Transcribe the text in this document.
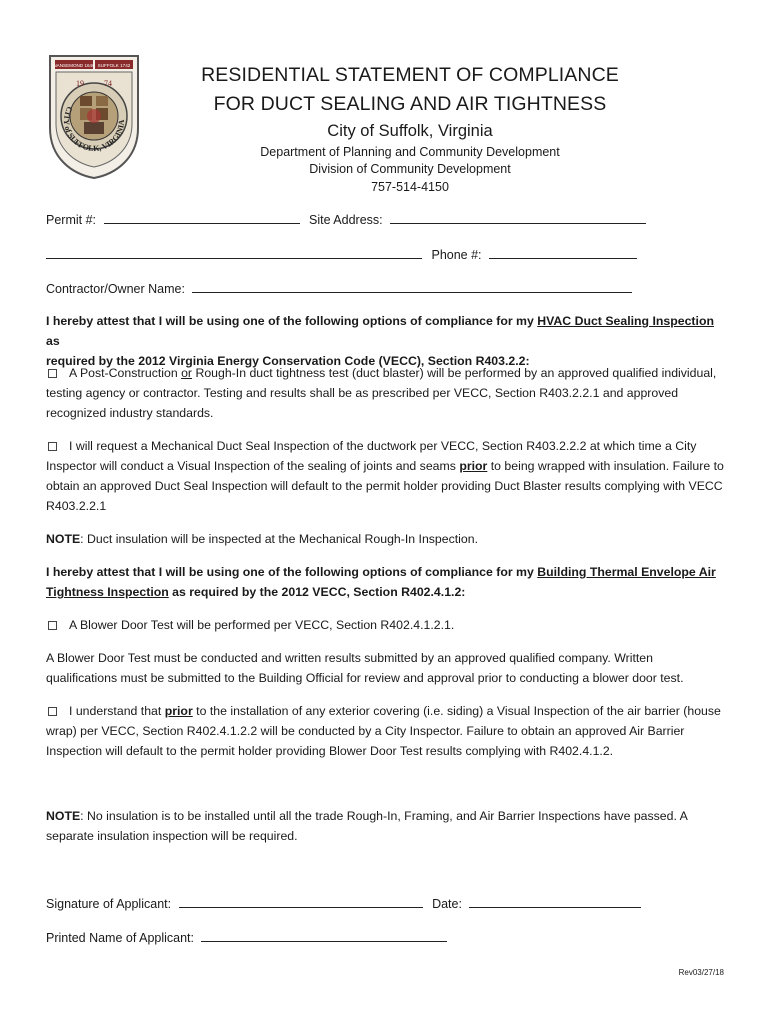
NANSEMOND 1646 SUFFOLK 1742
19	74
CITY of SUFFOLK, VIRGINIA
RESIDENTIAL STATEMENT OF COMPLIANCE
FOR DUCT SEALING AND AIR TIGHTNESS
City of Suffolk, Virginia
Department of Planning and Community Development
Division of Community Development
757-514-4150
Permit #:	Site Address:
Phone #:
Contractor/Owner Name:
I hereby attest that I will be using one of the following options of compliance for my HVAC Duct Sealing Inspection as
required by the 2012 Virginia Energy Conservation Code (VECC), Section R403.2.2:
A Post-Construction or Rough-In duct tightness test (duct blaster) will be performed by an approved qualified individual, testing agency or contractor. Testing and results shall be as prescribed per VECC, Section R403.2.2.1 and approved recognized industry standards.
I will request a Mechanical Duct Seal Inspection of the ductwork per VECC, Section R403.2.2.2 at which time a City Inspector will conduct a Visual Inspection of the sealing of joints and seams prior to being wrapped with insulation. Failure to obtain an approved Duct Seal Inspection will default to the permit holder providing Duct Blaster results complying with VECC R403.2.2.1
NOTE: Duct insulation will be inspected at the Mechanical Rough-In Inspection.
I hereby attest that I will be using one of the following options of compliance for my Building Thermal Envelope Air
Tightness Inspection as required by the 2012 VECC, Section R402.4.1.2:
A Blower Door Test will be performed per VECC, Section R402.4.1.2.1.
A Blower Door Test must be conducted and written results submitted by an approved qualified company. Written qualifications must be submitted to the Building Official for review and approval prior to conducting a blower door test.
I understand that prior to the installation of any exterior covering (i.e. siding) a Visual Inspection of the air barrier (house wrap) per VECC, Section R402.4.1.2.2 will be conducted by a City Inspector. Failure to obtain an approved Air Barrier Inspection will default to the permit holder providing Blower Door Test results complying with R402.4.1.2.
NOTE: No insulation is to be installed until all the trade Rough-In, Framing, and Air Barrier Inspections have passed. A separate insulation inspection will be required.
Signature of Applicant:	Date:
Printed Name of Applicant:
Rev03/27/18
